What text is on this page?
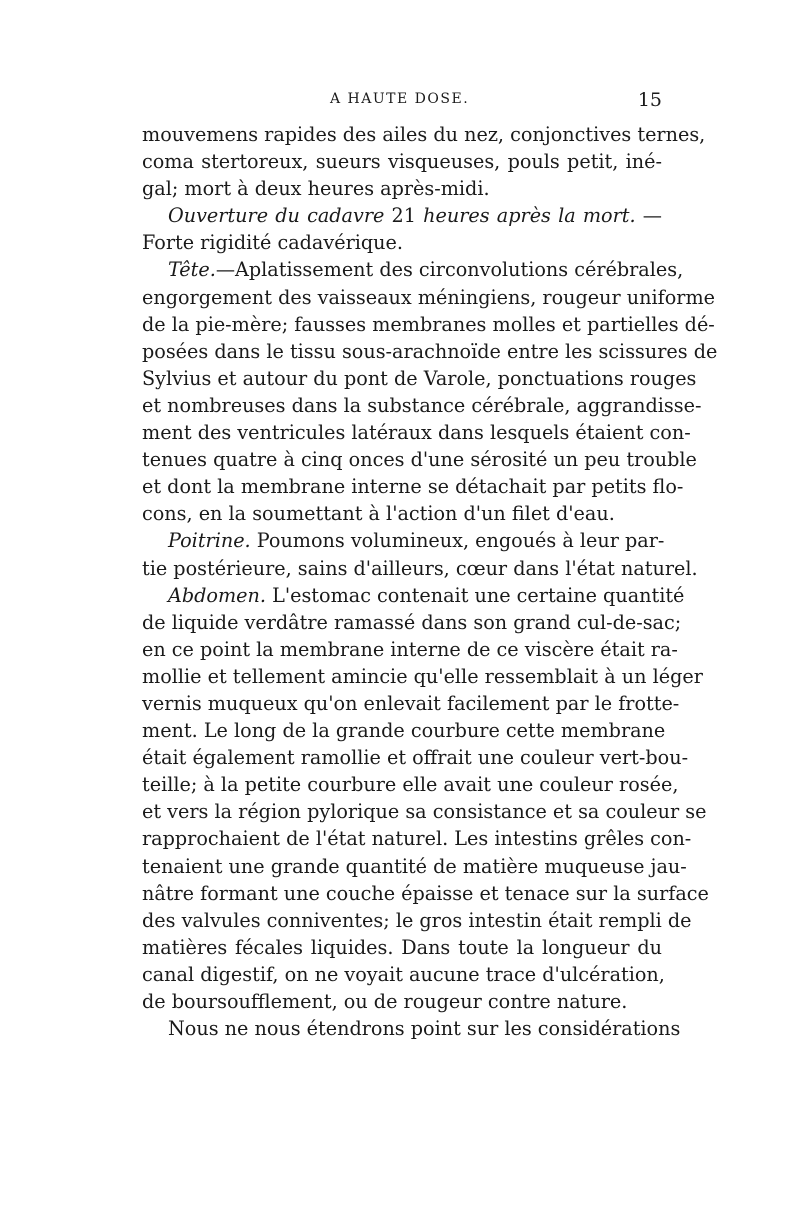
A HAUTE DOSE.	15
mouvemens rapides des ailes du nez, conjonctives ternes,
coma stertoreux, sueurs visqueuses, pouls petit, iné-
gal; mort à deux heures après-midi.
Ouverture du cadavre 21 heures après la mort. —
Forte rigidité cadavérique.
Tête.—Aplatissement des circonvolutions cérébrales,
engorgement des vaisseaux méningiens, rougeur uniforme
de la pie-mère; fausses membranes molles et partielles dé-
posées dans le tissu sous-arachnoïde entre les scissures de
Sylvius et autour du pont de Varole, ponctuations rouges
et nombreuses dans la substance cérébrale, aggrandisse-
ment des ventricules latéraux dans lesquels étaient con-
tenues quatre à cinq onces d'une sérosité un peu trouble
et dont la membrane interne se détachait par petits flo-
cons, en la soumettant à l'action d'un filet d'eau.
Poitrine. Poumons volumineux, engoués à leur par-
tie postérieure, sains d'ailleurs, cœur dans l'état naturel.
Abdomen. L'estomac contenait une certaine quantité
de liquide verdâtre ramassé dans son grand cul-de-sac;
en ce point la membrane interne de ce viscère était ra-
mollie et tellement amincie qu'elle ressemblait à un léger
vernis muqueux qu'on enlevait facilement par le frotte-
ment. Le long de la grande courbure cette membrane
était également ramollie et offrait une couleur vert-bou-
teille; à la petite courbure elle avait une couleur rosée,
et vers la région pylorique sa consistance et sa couleur se
rapprochaient de l'état naturel. Les intestins grêles con-
tenaient une grande quantité de matière muqueuse jau-
nâtre formant une couche épaisse et tenace sur la surface
des valvules conniventes; le gros intestin était rempli de
matières fécales liquides. Dans toute la longueur du
canal digestif, on ne voyait aucune trace d'ulcération,
de boursoufflement, ou de rougeur contre nature.
Nous ne nous étendrons point sur les considérations
